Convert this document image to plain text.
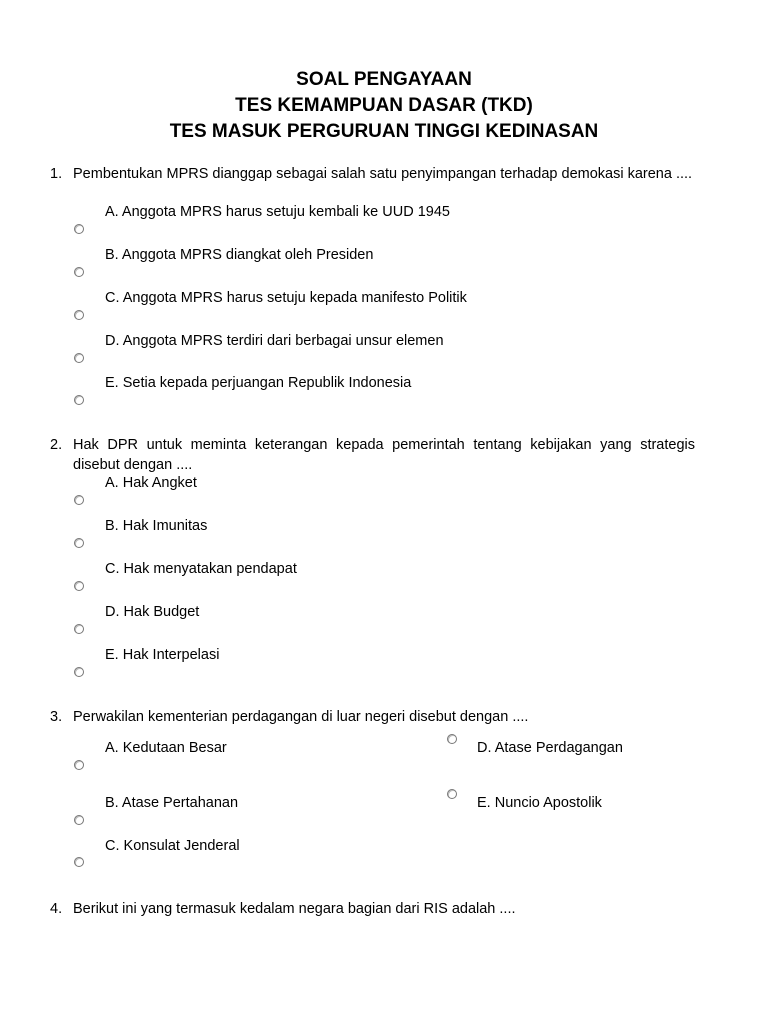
SOAL PENGAYAAN
TES KEMAMPUAN DASAR (TKD)
TES MASUK PERGURUAN TINGGI KEDINASAN
1. Pembentukan MPRS dianggap sebagai salah satu penyimpangan terhadap demokasi karena ....
A. Anggota MPRS harus setuju kembali ke UUD 1945
B. Anggota MPRS diangkat oleh Presiden
C. Anggota MPRS harus setuju kepada manifesto Politik
D. Anggota MPRS terdiri dari berbagai unsur elemen
E. Setia kepada perjuangan Republik Indonesia
2. Hak DPR untuk meminta keterangan kepada pemerintah tentang kebijakan yang strategis disebut dengan ....
A. Hak Angket
B. Hak Imunitas
C. Hak menyatakan pendapat
D. Hak Budget
E. Hak Interpelasi
3. Perwakilan kementerian perdagangan di luar negeri disebut dengan ....
A. Kedutaan Besar
B. Atase Pertahanan
C. Konsulat Jenderal
D. Atase Perdagangan
E. Nuncio Apostolik
4. Berikut ini yang termasuk kedalam negara bagian dari RIS adalah ....
